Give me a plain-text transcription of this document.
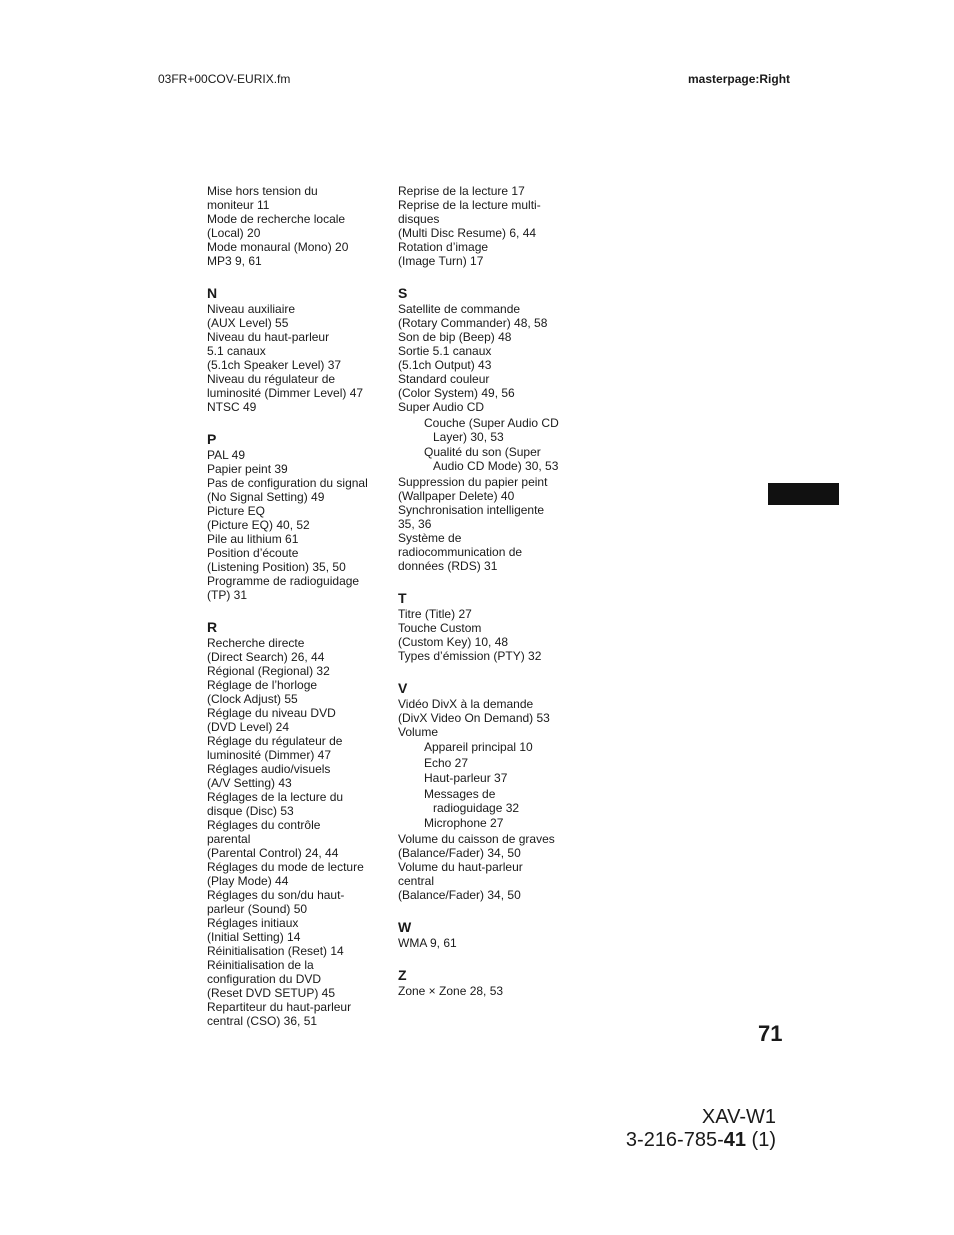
03FR+00COV-EURIX.fm	masterpage:Right
Mise hors tension du
moniteur 11
Mode de recherche locale
(Local) 20
Mode monaural (Mono) 20
MP3 9, 61
N
Niveau auxiliaire
(AUX Level) 55
Niveau du haut-parleur
5.1 canaux
(5.1ch Speaker Level) 37
Niveau du régulateur de
luminosité (Dimmer Level) 47
NTSC 49
P
PAL 49
Papier peint 39
Pas de configuration du signal
(No Signal Setting) 49
Picture EQ
(Picture EQ) 40, 52
Pile au lithium 61
Position d’écoute
(Listening Position) 35, 50
Programme de radioguidage
(TP) 31
R
Recherche directe
(Direct Search) 26, 44
Régional (Regional) 32
Réglage de l’horloge
(Clock Adjust) 55
Réglage du niveau DVD
(DVD Level) 24
Réglage du régulateur de
luminosité (Dimmer) 47
Réglages audio/visuels
(A/V Setting) 43
Réglages de la lecture du
disque (Disc) 53
Réglages du contrôle
parental
(Parental Control) 24, 44
Réglages du mode de lecture
(Play Mode) 44
Réglages du son/du haut-
parleur (Sound) 50
Réglages initiaux
(Initial Setting) 14
Réinitialisation (Reset) 14
Réinitialisation de la
configuration du DVD
(Reset DVD SETUP) 45
Repartiteur du haut-parleur
central (CSO) 36, 51
Reprise de la lecture 17
Reprise de la lecture multi-
disques
(Multi Disc Resume) 6, 44
Rotation d’image
(Image Turn) 17
S
Satellite de commande
(Rotary Commander) 48, 58
Son de bip (Beep) 48
Sortie 5.1 canaux
(5.1ch Output) 43
Standard couleur
(Color System) 49, 56
Super Audio CD
Couche (Super Audio CD
Layer) 30, 53
Qualité du son (Super
Audio CD Mode) 30, 53
Suppression du papier peint
(Wallpaper Delete) 40
Synchronisation intelligente
35, 36
Système de
radiocommunication de
données (RDS) 31
T
Titre (Title) 27
Touche Custom
(Custom Key) 10, 48
Types d’émission (PTY) 32
V
Vidéo DivX à la demande
(DivX Video On Demand) 53
Volume
Appareil principal 10
Echo 27
Haut-parleur 37
Messages de
radioguidage 32
Microphone 27
Volume du caisson de graves
(Balance/Fader) 34, 50
Volume du haut-parleur
central
(Balance/Fader) 34, 50
W
WMA 9, 61
Z
Zone × Zone 28, 53
71
XAV-W1
3-216-785-41 (1)
